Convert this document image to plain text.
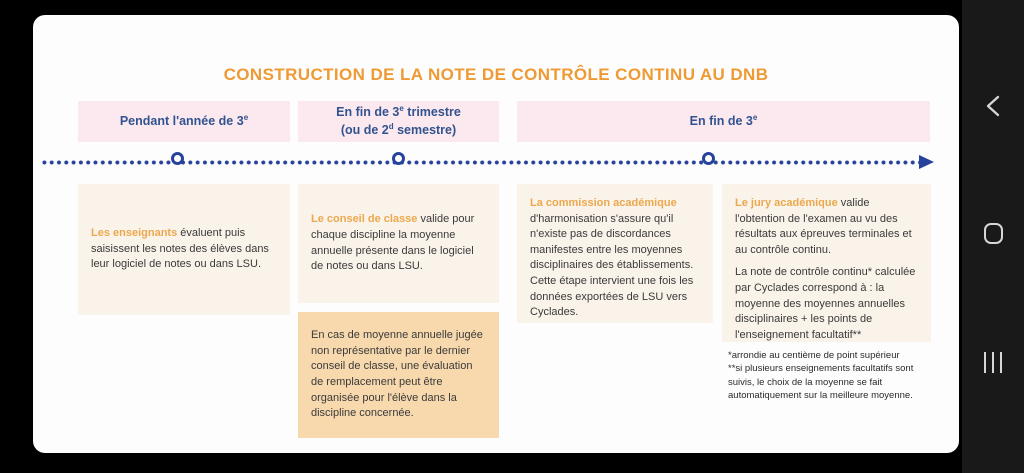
CONSTRUCTION DE LA NOTE DE CONTRÔLE CONTINU AU DNB
Pendant l'année de 3e	En fin de 3e trimestre
(ou de 2$^d$ semestre)
En fin de 3e
Les enseignants évaluent puis saisissent les notes des élèves dans leur logiciel de notes ou dans LSU.
Le conseil de classe valide pour chaque discipline la moyenne annuelle présente dans le logiciel de notes ou dans LSU.
En cas de moyenne annuelle jugée non représentative par le dernier conseil de classe, une évaluation de remplacement peut être organisée pour l'élève dans la discipline concernée.
La commission académique d'harmonisation s'assure qu'il n'existe pas de discordances manifestes entre les moyennes disciplinaires des établissements. Cette étape intervient une fois les données exportées de LSU vers Cyclades.
Le jury académique valide l'obtention de l'examen au vu des résultats aux épreuves terminales et au contrôle continu.
La note de contrôle continu* calculée par Cyclades correspond à : la moyenne des moyennes annuelles disciplinaires + les points de l'enseignement facultatif**
*arrondie au centième de point supérieur
**si plusieurs enseignements facultatifs sont suivis, le choix de la moyenne se fait automatiquement sur la meilleure moyenne.
